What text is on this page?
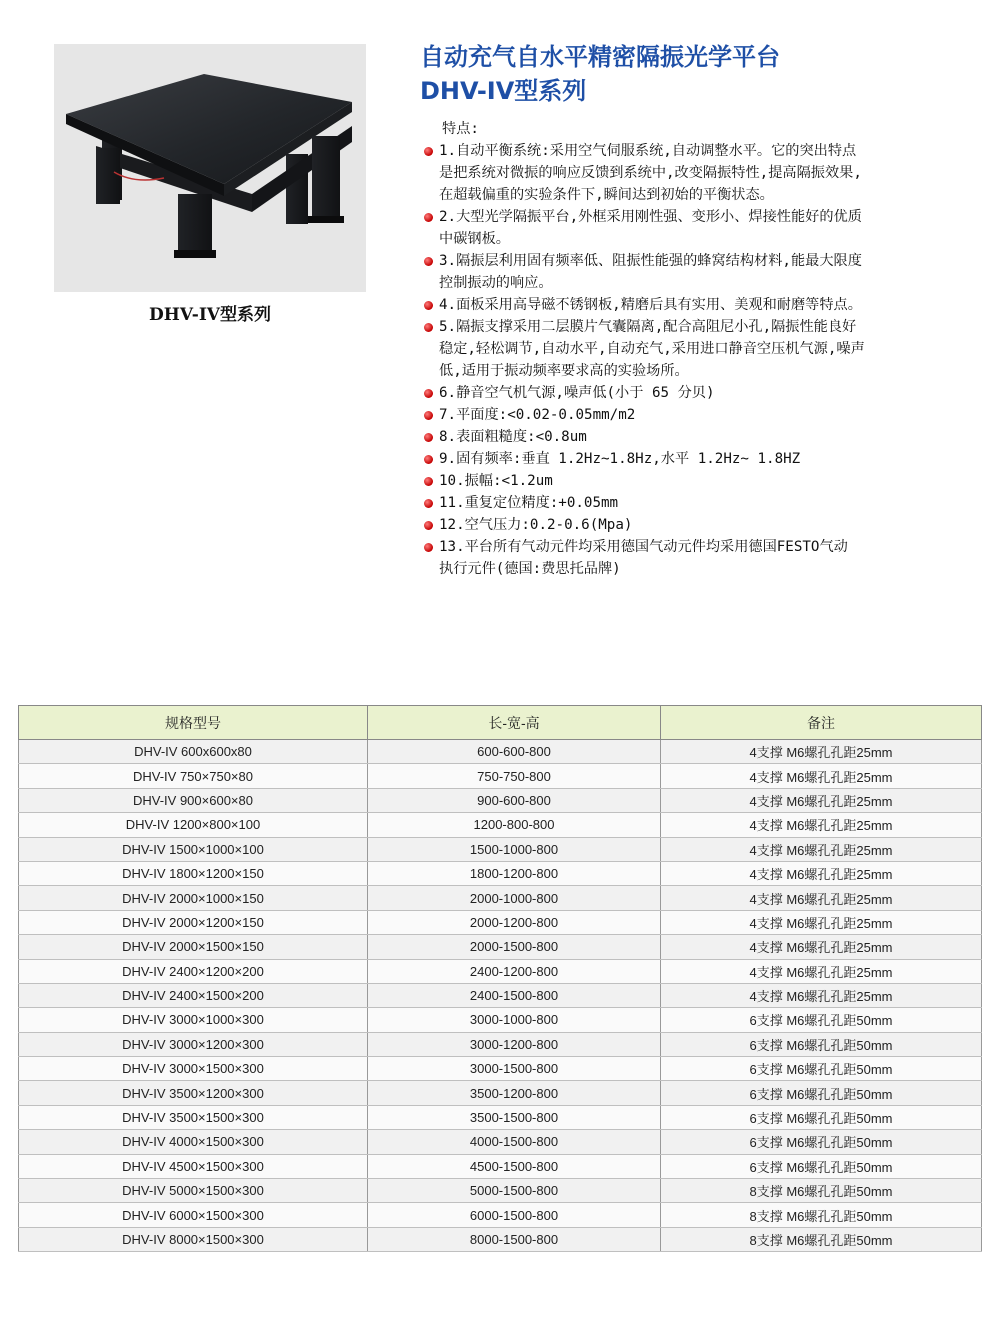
DHV-IV型系列
自动充气自水平精密隔振光学平台
DHV-IV型系列
特点:
1.自动平衡系统:采用空气伺服系统,自动调整水平。它的突出特点
是把系统对微振的响应反馈到系统中,改变隔振特性,提高隔振效果,
在超载偏重的实验条件下,瞬间达到初始的平衡状态。
2.大型光学隔振平台,外框采用刚性强、变形小、焊接性能好的优质
中碳钢板。
3.隔振层利用固有频率低、阻振性能强的蜂窝结构材料,能最大限度
控制振动的响应。
4.面板采用高导磁不锈钢板,精磨后具有实用、美观和耐磨等特点。
5.隔振支撑采用二层膜片气囊隔离,配合高阻尼小孔,隔振性能良好
稳定,轻松调节,自动水平,自动充气,采用进口静音空压机气源,噪声
低,适用于振动频率要求高的实验场所。
6.静音空气机气源,噪声低(小于 65 分贝)
7.平面度:<0.02-0.05mm/m2
8.表面粗糙度:<0.8um
9.固有频率:垂直 1.2Hz~1.8Hz,水平 1.2Hz~ 1.8HZ
10.振幅:<1.2um
11.重复定位精度:+0.05mm
12.空气压力:0.2-0.6(Mpa)
13.平台所有气动元件均采用德国气动元件均采用德国FESTO气动
执行元件(德国:费思托品牌)
规格型号	长-宽-高	备注
DHV-IV 600x600x80	600-600-800	4支撑 M6螺孔孔距25mm
DHV-IV 750×750×80	750-750-800	4支撑 M6螺孔孔距25mm
DHV-IV 900×600×80	900-600-800	4支撑 M6螺孔孔距25mm
DHV-IV 1200×800×100	1200-800-800	4支撑 M6螺孔孔距25mm
DHV-IV 1500×1000×100	1500-1000-800	4支撑 M6螺孔孔距25mm
DHV-IV 1800×1200×150	1800-1200-800	4支撑 M6螺孔孔距25mm
DHV-IV 2000×1000×150	2000-1000-800	4支撑 M6螺孔孔距25mm
DHV-IV 2000×1200×150	2000-1200-800	4支撑 M6螺孔孔距25mm
DHV-IV 2000×1500×150	2000-1500-800	4支撑 M6螺孔孔距25mm
DHV-IV 2400×1200×200	2400-1200-800	4支撑 M6螺孔孔距25mm
DHV-IV 2400×1500×200	2400-1500-800	4支撑 M6螺孔孔距25mm
DHV-IV 3000×1000×300	3000-1000-800	6支撑 M6螺孔孔距50mm
DHV-IV 3000×1200×300	3000-1200-800	6支撑 M6螺孔孔距50mm
DHV-IV 3000×1500×300	3000-1500-800	6支撑 M6螺孔孔距50mm
DHV-IV 3500×1200×300	3500-1200-800	6支撑 M6螺孔孔距50mm
DHV-IV 3500×1500×300	3500-1500-800	6支撑 M6螺孔孔距50mm
DHV-IV 4000×1500×300	4000-1500-800	6支撑 M6螺孔孔距50mm
DHV-IV 4500×1500×300	4500-1500-800	6支撑 M6螺孔孔距50mm
DHV-IV 5000×1500×300	5000-1500-800	8支撑 M6螺孔孔距50mm
DHV-IV 6000×1500×300	6000-1500-800	8支撑 M6螺孔孔距50mm
DHV-IV 8000×1500×300	8000-1500-800	8支撑 M6螺孔孔距50mm
